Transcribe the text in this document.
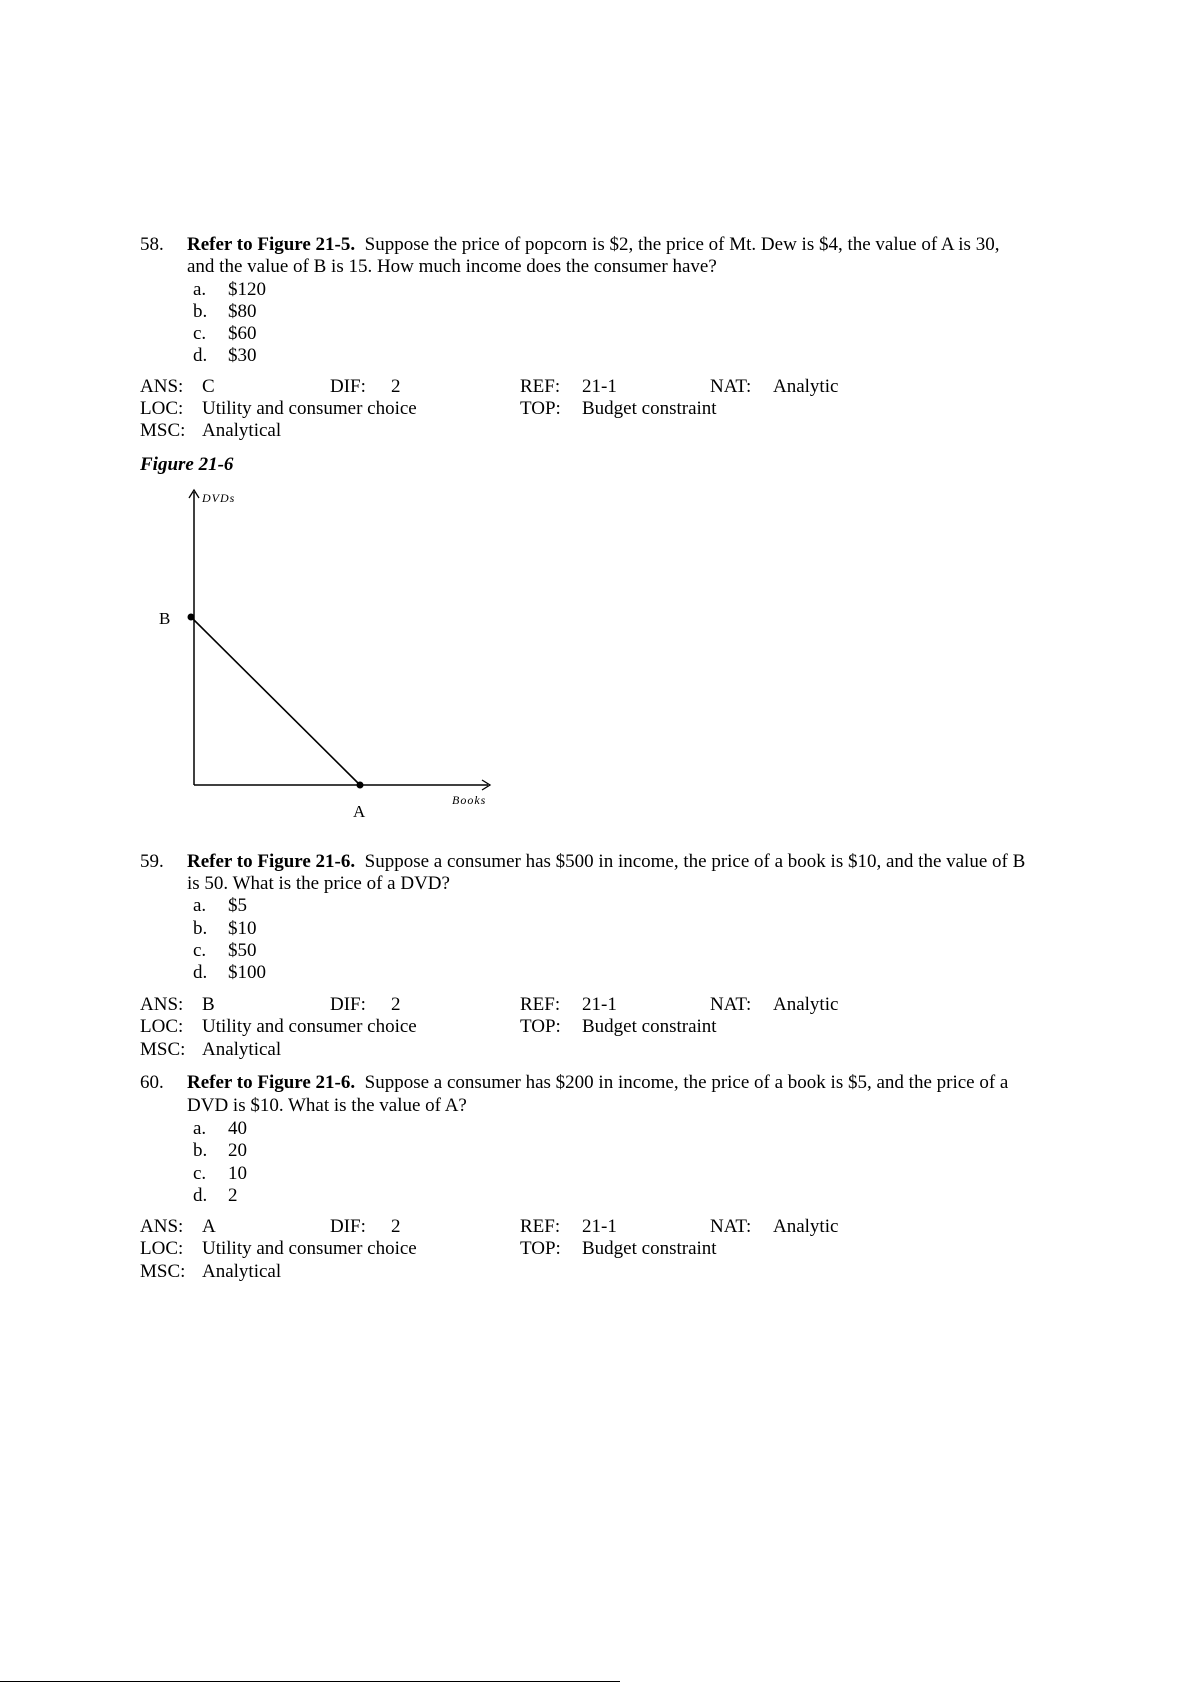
58. Refer to Figure 21-5. Suppose the price of popcorn is $2, the price of Mt. Dew is $4, the value of A is 30,
and the value of B is 15. How much income does the consumer have?
a. $120
b. $80
c. $60
d. $30
ANS: C	DIF: 2	REF: 21-1	NAT: Analytic
LOC: Utility and consumer choice	TOP: Budget constraint
MSC: Analytical
Figure 21-6
DVDs
Books
B
A
59. Refer to Figure 21-6. Suppose a consumer has $500 in income, the price of a book is $10, and the value of B
is 50. What is the price of a DVD?
a. $5
b. $10
c. $50
d. $100
ANS: B	DIF: 2	REF: 21-1	NAT: Analytic
LOC: Utility and consumer choice	TOP: Budget constraint
MSC: Analytical
60. Refer to Figure 21-6. Suppose a consumer has $200 in income, the price of a book is $5, and the price of a
DVD is $10. What is the value of A?
a. 40
b. 20
c. 10
d. 2
ANS: A	DIF: 2	REF: 21-1	NAT: Analytic
LOC: Utility and consumer choice	TOP: Budget constraint
MSC: Analytical
